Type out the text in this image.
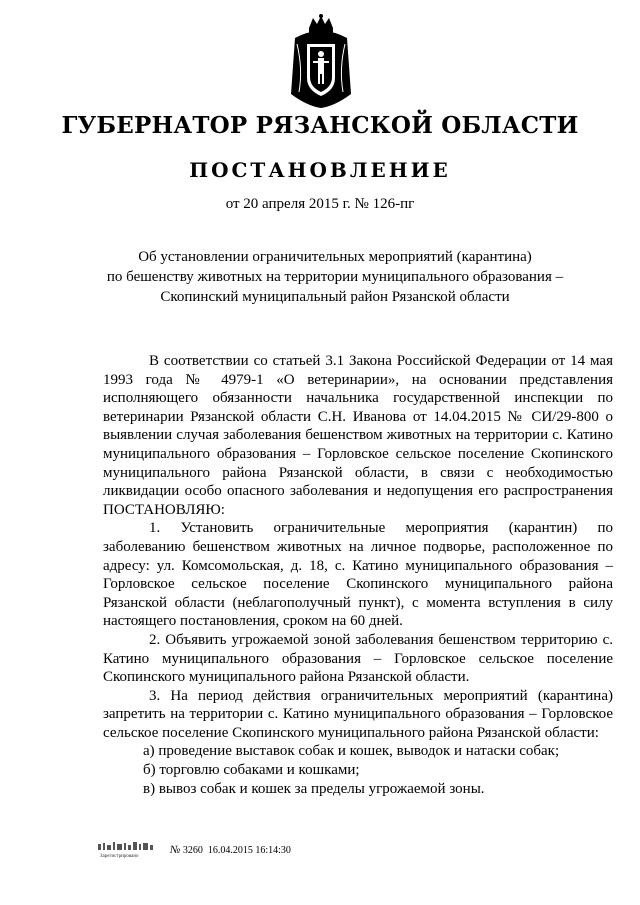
ГУБЕРНАТОР РЯЗАНСКОЙ ОБЛАСТИ
ПОСТАНОВЛЕНИЕ
от 20 апреля 2015 г. № 126-пг
Об установлении ограничительных мероприятий (карантина)
по бешенству животных на территории муниципального образования –
Скопинский муниципальный район Рязанской области

В соответствии со статьей 3.1 Закона Российской Федерации от 14 мая 1993 года № 4979-1 «О ветеринарии», на основании представления исполняющего обязанности начальника государственной инспекции по ветеринарии Рязанской области С.Н. Иванова от 14.04.2015 № СИ/29-800 о выявлении случая заболевания бешенством животных на территории с. Катино муниципального образования – Горловское сельское поселение Скопинского муниципального района Рязанской области, в связи с необходимостью ликвидации особо опасного заболевания и недопущения его распространения ПОСТАНОВЛЯЮ:

1. Установить ограничительные мероприятия (карантин) по заболеванию бешенством животных на личное подворье, расположенное по адресу: ул. Комсомольская, д. 18, с. Катино муниципального образования – Горловское сельское поселение Скопинского муниципального района Рязанской области (неблагополучный пункт), с момента вступления в силу настоящего постановления, сроком на 60 дней.

2. Объявить угрожаемой зоной заболевания бешенством территорию с. Катино муниципального образования – Горловское сельское поселение Скопинского муниципального района Рязанской области.

3. На период действия ограничительных мероприятий (карантина) запретить на территории с. Катино муниципального образования – Горловское сельское поселение Скопинского муниципального района Рязанской области:

а) проведение выставок собак и кошек, выводок и натаски собак;

б) торговлю собаками и кошками;

в) вывоз собак и кошек за пределы угрожаемой зоны.

Зарегистрировано
№ 3260 16.04.2015 16:14:30
